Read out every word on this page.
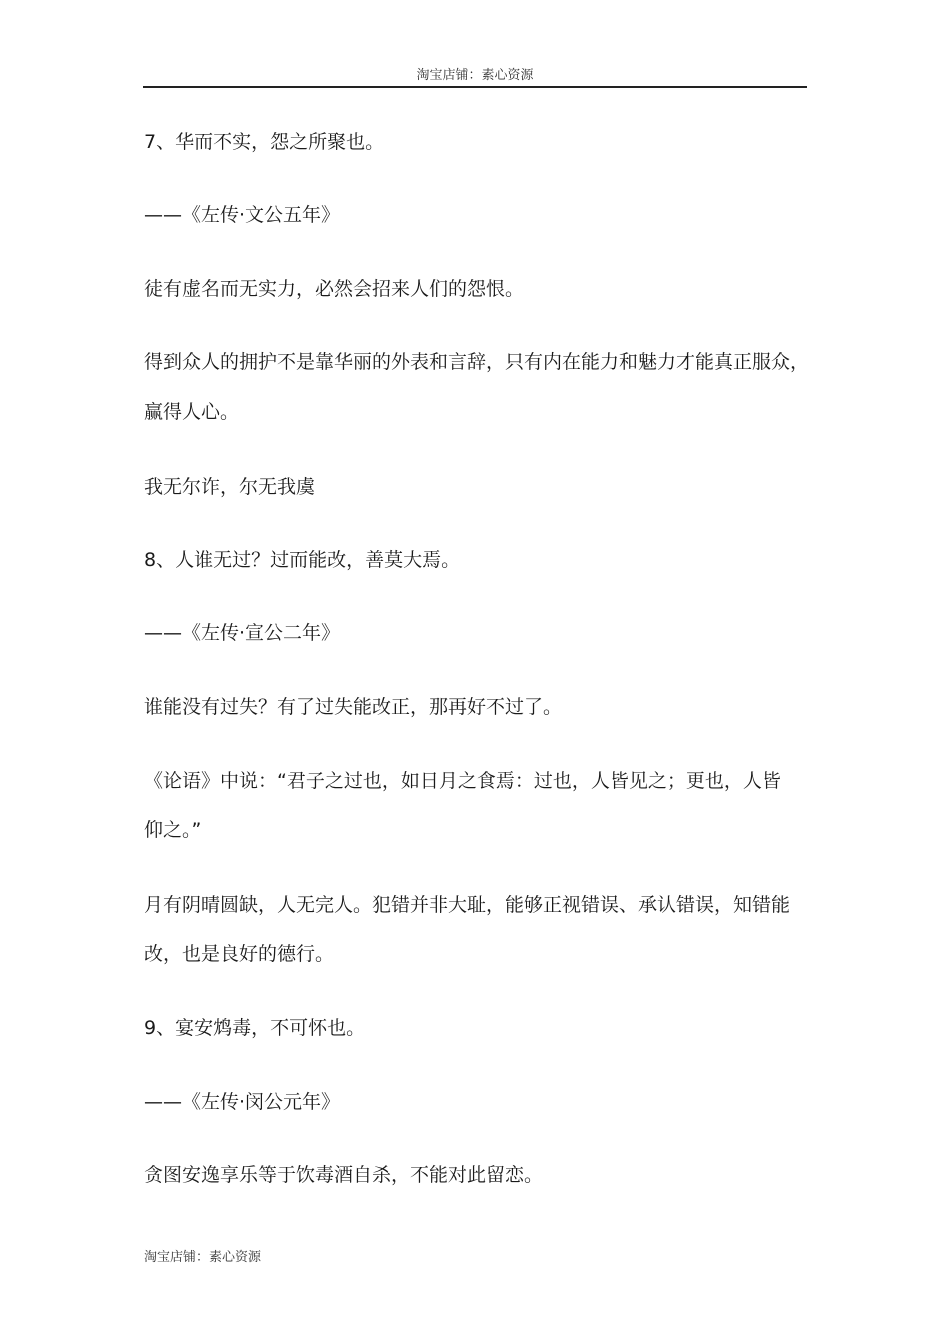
淘宝店铺：素心资源
7、华而不实，怨之所聚也。
——《左传·文公五年》
徒有虚名而无实力，必然会招来人们的怨恨。
得到众人的拥护不是靠华丽的外表和言辞，只有内在能力和魅力才能真正服众，
赢得人心。
我无尔诈，尔无我虞
8、人谁无过？过而能改，善莫大焉。
——《左传·宣公二年》
谁能没有过失？有了过失能改正，那再好不过了。
《论语》中说：“君子之过也，如日月之食焉：过也，人皆见之；更也，人皆
仰之。”
月有阴晴圆缺，人无完人。犯错并非大耻，能够正视错误、承认错误，知错能
改，也是良好的德行。
9、宴安鸩毒，不可怀也。
——《左传·闵公元年》
贪图安逸享乐等于饮毒酒自杀，不能对此留恋。
淘宝店铺：素心资源
